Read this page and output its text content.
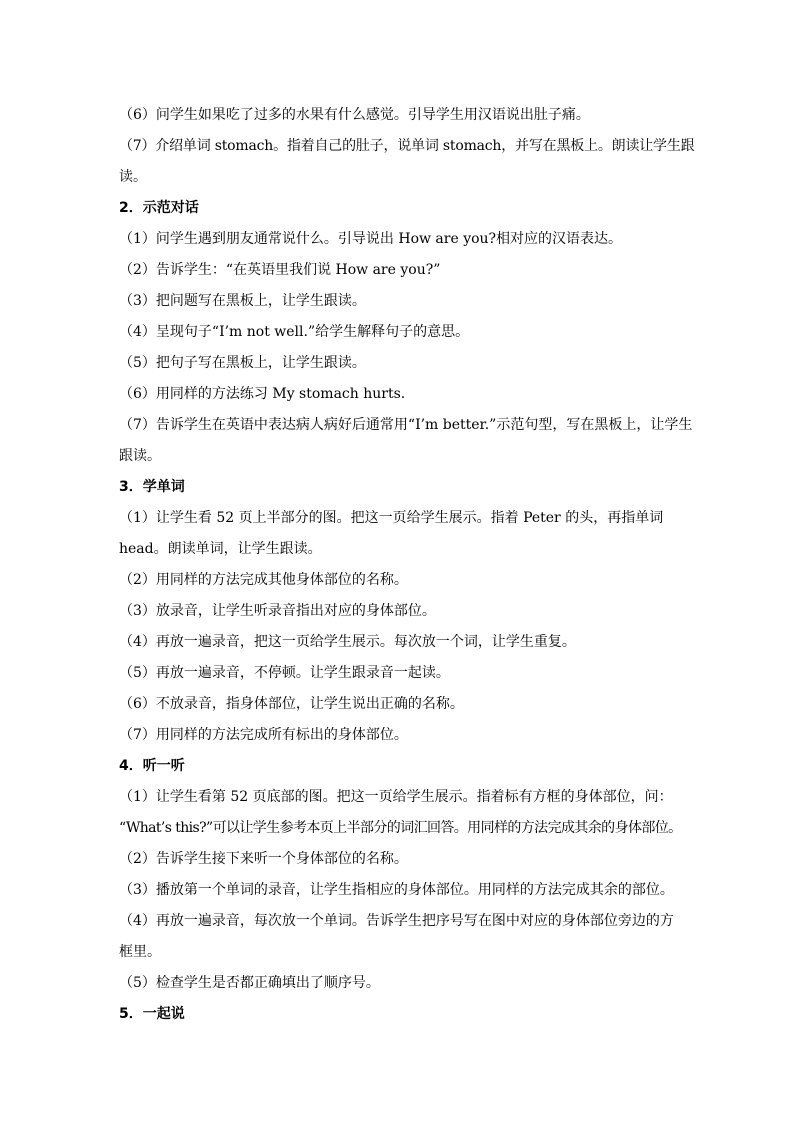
（6）问学生如果吃了过多的水果有什么感觉。引导学生用汉语说出肚子痛。

（7）介绍单词 stomach。指着自己的肚子，说单词 stomach，并写在黑板上。朗读让学生跟

读。

2．示范对话

（1）问学生遇到朋友通常说什么。引导说出 How are you?相对应的汉语表达。

（2）告诉学生：“在英语里我们说 How are you?”

（3）把问题写在黑板上，让学生跟读。

（4）呈现句子“I’m not well.”给学生解释句子的意思。

（5）把句子写在黑板上，让学生跟读。

（6）用同样的方法练习 My stomach hurts.

（7）告诉学生在英语中表达病人病好后通常用“I’m better.”示范句型，写在黑板上，让学生

跟读。

3．学单词

（1）让学生看 52 页上半部分的图。把这一页给学生展示。指着 Peter 的头，再指单词

head。朗读单词，让学生跟读。

（2）用同样的方法完成其他身体部位的名称。

（3）放录音，让学生听录音指出对应的身体部位。

（4）再放一遍录音，把这一页给学生展示。每次放一个词，让学生重复。

（5）再放一遍录音，不停顿。让学生跟录音一起读。

（6）不放录音，指身体部位，让学生说出正确的名称。

（7）用同样的方法完成所有标出的身体部位。

4．听一听

（1）让学生看第 52 页底部的图。把这一页给学生展示。指着标有方框的身体部位，问：

“What’s this?”可以让学生参考本页上半部分的词汇回答。用同样的方法完成其余的身体部位。

（2）告诉学生接下来听一个身体部位的名称。

（3）播放第一个单词的录音，让学生指相应的身体部位。用同样的方法完成其余的部位。

（4）再放一遍录音，每次放一个单词。告诉学生把序号写在图中对应的身体部位旁边的方

框里。

（5）检查学生是否都正确填出了顺序号。

5．一起说
